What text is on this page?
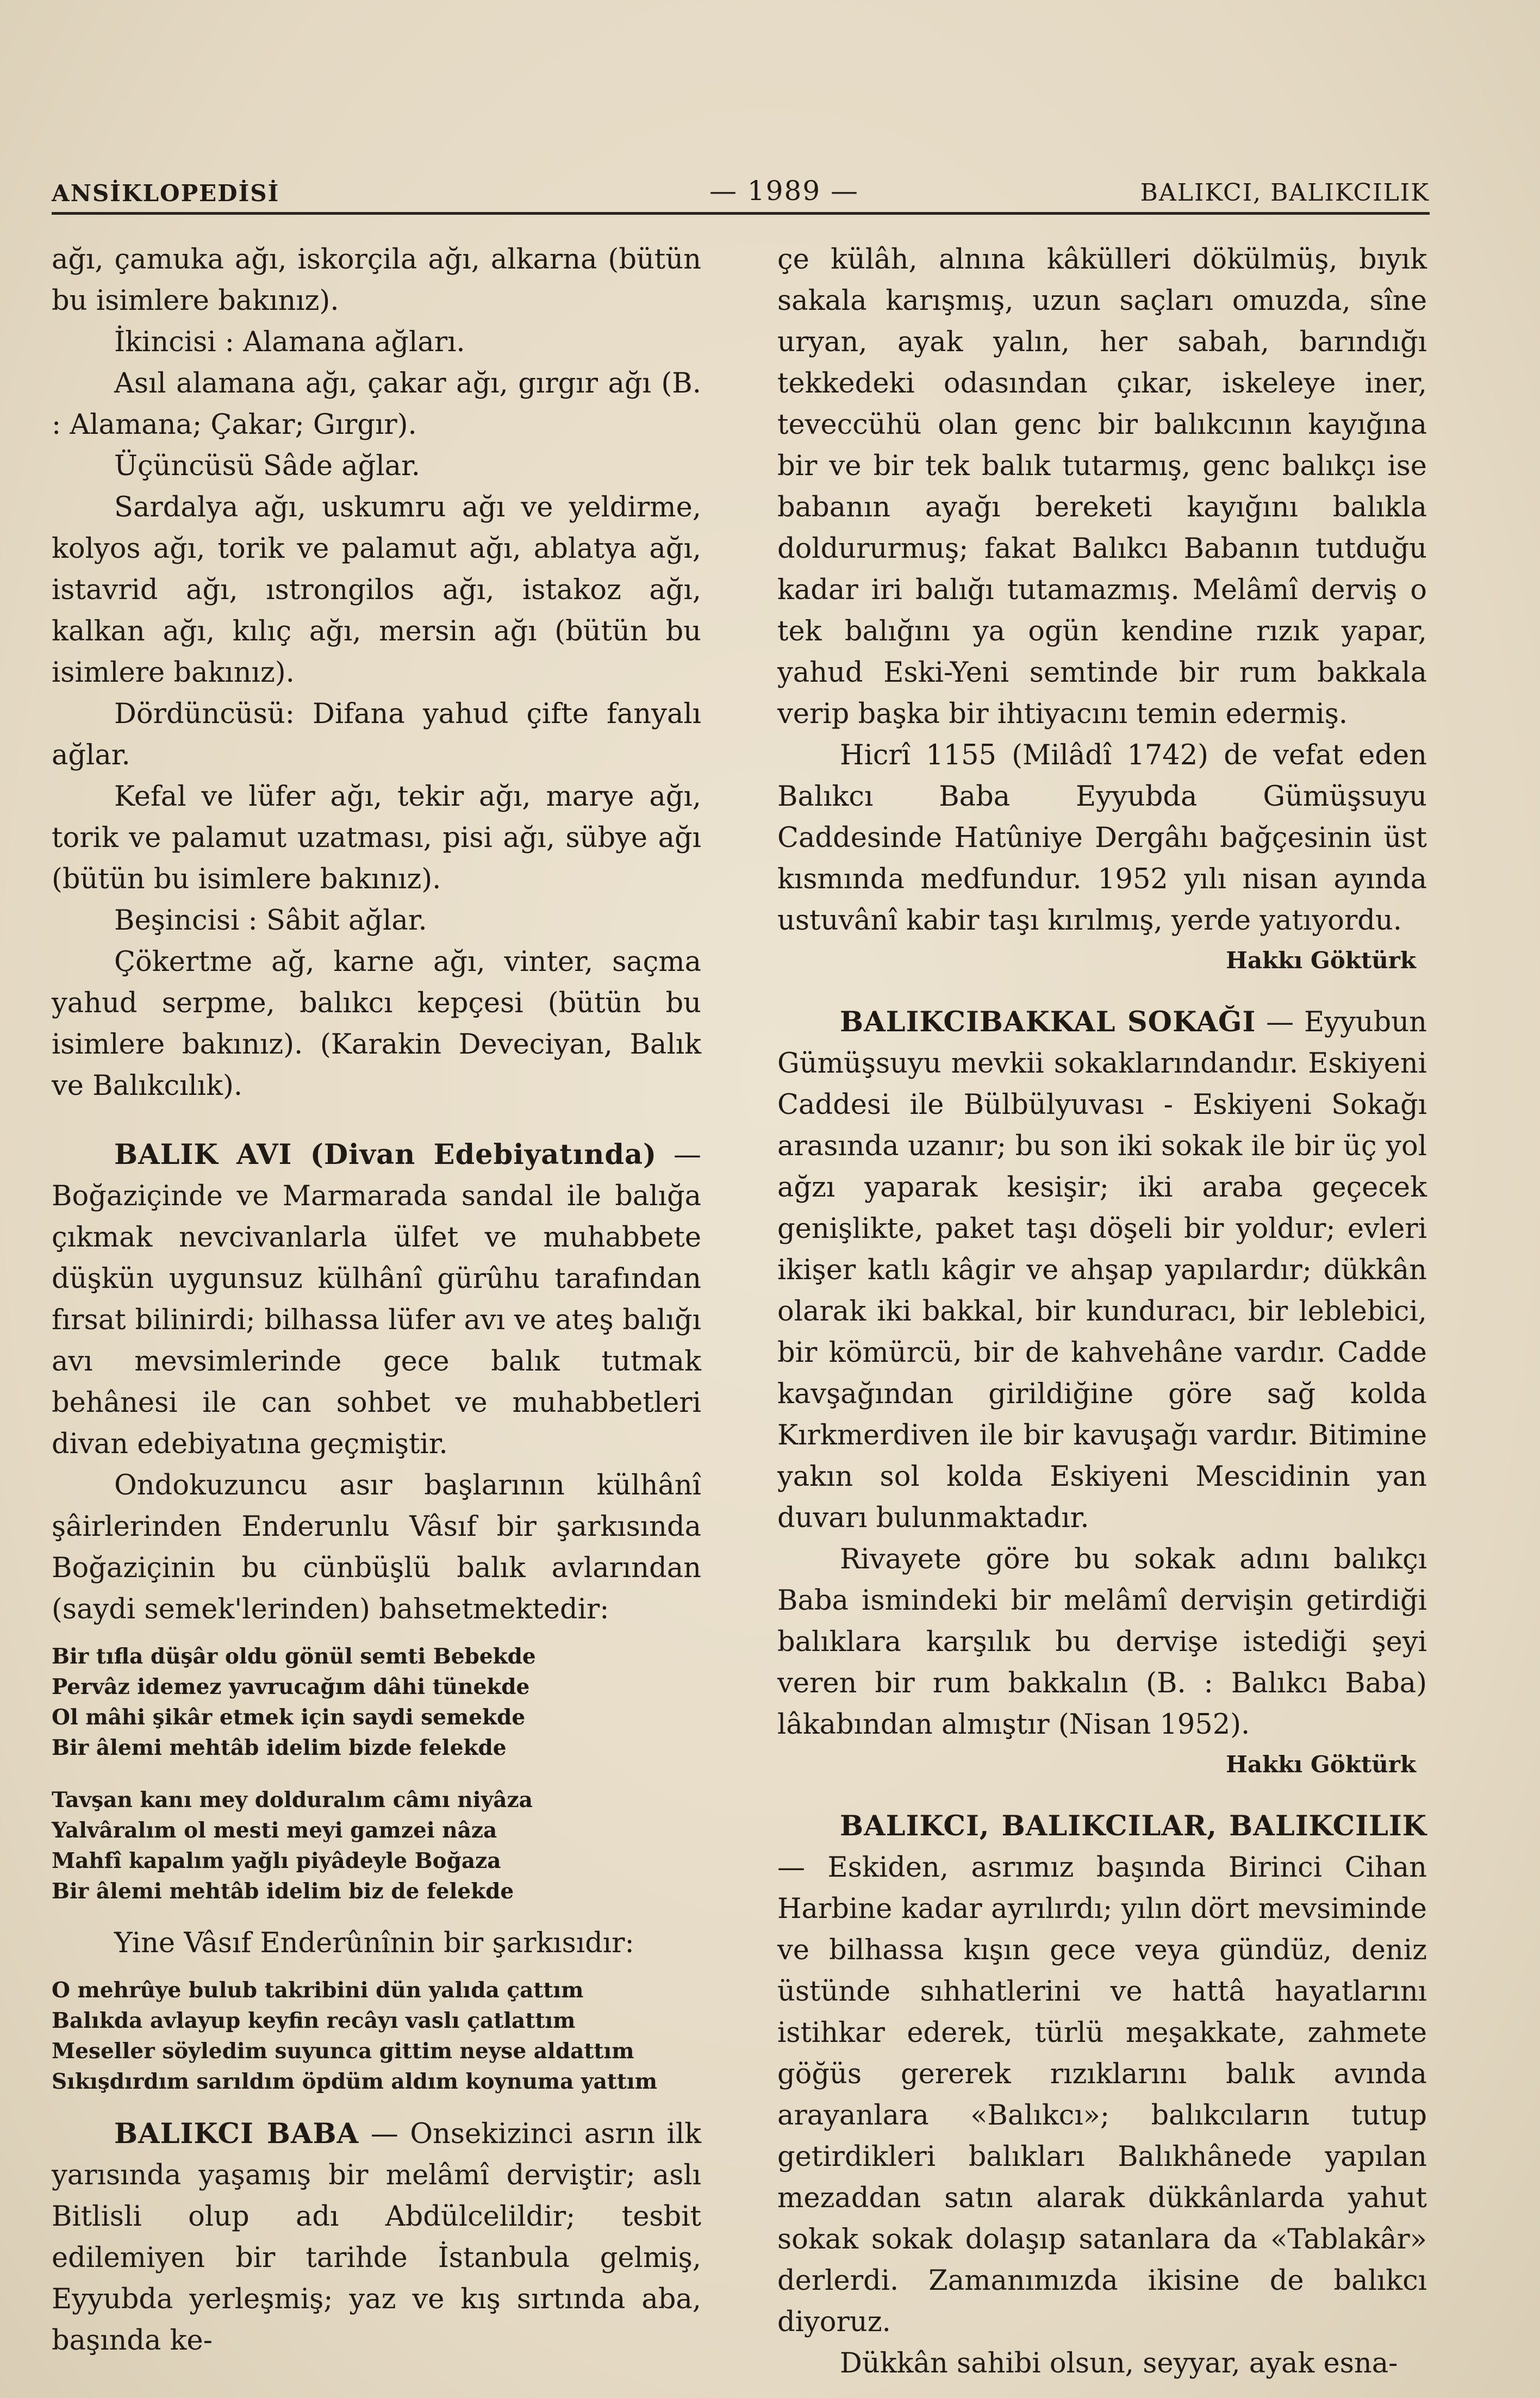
ANSİKLOPEDİSİ	— 1989 —	BALIKCI, BALIKCILIK

ağı, çamuka ağı, iskorçila ağı, alkarna (bütün bu isimlere bakınız).

İkincisi : Alamana ağları.

Asıl alamana ağı, çakar ağı, gırgır ağı (B. : Alamana; Çakar; Gırgır).

Üçüncüsü Sâde ağlar.

Sardalya ağı, uskumru ağı ve yeldirme, kolyos ağı, torik ve palamut ağı, ablatya ağı, istavrid ağı, ıstrongilos ağı, istakoz ağı, kalkan ağı, kılıç ağı, mersin ağı (bütün bu isimlere bakınız).

Dördüncüsü: Difana yahud çifte fanyalı ağlar.

Kefal ve lüfer ağı, tekir ağı, marye ağı, torik ve palamut uzatması, pisi ağı, sübye ağı (bütün bu isimlere bakınız).

Beşincisi : Sâbit ağlar.

Çökertme ağ, karne ağı, vinter, saçma yahud serpme, balıkcı kepçesi (bütün bu isimlere bakınız). (Karakin Deveciyan, Balık ve Balıkcılık).

BALIK AVI (Divan Edebiyatında) — Boğaziçinde ve Marmarada sandal ile balığa çıkmak nevcivanlarla ülfet ve muhabbete düşkün uygunsuz külhânî gürûhu tarafından fırsat bilinirdi; bilhassa lüfer avı ve ateş balığı avı mevsimlerinde gece balık tutmak behânesi ile can sohbet ve muhabbetleri divan edebiyatına geçmiştir.

Ondokuzuncu asır başlarının külhânî şâirlerinden Enderunlu Vâsıf bir şarkısında Boğaziçinin bu cünbüşlü balık avlarından (saydi semek'lerinden) bahsetmektedir:

Bir tıfla düşâr oldu gönül semti Bebekde
Pervâz idemez yavrucağım dâhi tünekde
Ol mâhi şikâr etmek için saydi semekde
Bir âlemi mehtâb idelim bizde felekde
Tavşan kanı mey dolduralım câmı niyâza
Yalvâralım ol mesti meyi gamzei nâza
Mahfî kapalım yağlı piyâdeyle Boğaza
Bir âlemi mehtâb idelim biz de felekde

Yine Vâsıf Enderûnînin bir şarkısıdır:

O mehrûye bulub takribini dün yalıda çattım
Balıkda avlayup keyfin recâyı vaslı çatlattım
Meseller söyledim suyunca gittim neyse aldattım
Sıkışdırdım sarıldım öpdüm aldım koynuma yattım

BALIKCI BABA — Onsekizinci asrın ilk yarısında yaşamış bir melâmî derviştir; aslı Bitlisli olup adı Abdülcelildir; tesbit edilemiyen bir tarihde İstanbula gelmiş, Eyyubda yerleşmiş; yaz ve kış sırtında aba, başında ke-

çe külâh, alnına kâkülleri dökülmüş, bıyık sakala karışmış, uzun saçları omuzda, sîne uryan, ayak yalın, her sabah, barındığı tekkedeki odasından çıkar, iskeleye iner, teveccühü olan genc bir balıkcının kayığına bir ve bir tek balık tutarmış, genc balıkçı ise babanın ayağı bereketi kayığını balıkla doldururmuş; fakat Balıkcı Babanın tutduğu kadar iri balığı tutamazmış. Melâmî derviş o tek balığını ya ogün kendine rızık yapar, yahud Eski-Yeni semtinde bir rum bakkala verip başka bir ihtiyacını temin edermiş.

Hicrî 1155 (Milâdî 1742) de vefat eden Balıkcı Baba Eyyubda Gümüşsuyu Caddesinde Hatûniye Dergâhı bağçesinin üst kısmında medfundur. 1952 yılı nisan ayında ustuvânî kabir taşı kırılmış, yerde yatıyordu.

Hakkı Göktürk

BALIKCIBAKKAL SOKAĞI — Eyyubun Gümüşsuyu mevkii sokaklarındandır. Eskiyeni Caddesi ile Bülbülyuvası - Eskiyeni Sokağı arasında uzanır; bu son iki sokak ile bir üç yol ağzı yaparak kesişir; iki araba geçecek genişlikte, paket taşı döşeli bir yoldur; evleri ikişer katlı kâgir ve ahşap yapılardır; dükkân olarak iki bakkal, bir kunduracı, bir leblebici, bir kömürcü, bir de kahvehâne vardır. Cadde kavşağından girildiğine göre sağ kolda Kırkmerdiven ile bir kavuşağı vardır. Bitimine yakın sol kolda Eskiyeni Mescidinin yan duvarı bulunmaktadır.

Rivayete göre bu sokak adını balıkçı Baba ismindeki bir melâmî dervişin getirdiği balıklara karşılık bu dervişe istediği şeyi veren bir rum bakkalın (B. : Balıkcı Baba) lâkabından almıştır (Nisan 1952).

Hakkı Göktürk

BALIKCI, BALIKCILAR, BALIKCILIK — Eskiden, asrımız başında Birinci Cihan Harbine kadar ayrılırdı; yılın dört mevsiminde ve bilhassa kışın gece veya gündüz, deniz üstünde sıhhatlerini ve hattâ hayatlarını istihkar ederek, türlü meşakkate, zahmete göğüs gererek rızıklarını balık avında arayanlara «Balıkcı»; balıkcıların tutup getirdikleri balıkları Balıkhânede yapılan mezaddan satın alarak dükkânlarda yahut sokak sokak dolaşıp satanlara da «Tablakâr» derlerdi. Zamanımızda ikisine de balıkcı diyoruz.

Dükkân sahibi olsun, seyyar, ayak esna-
